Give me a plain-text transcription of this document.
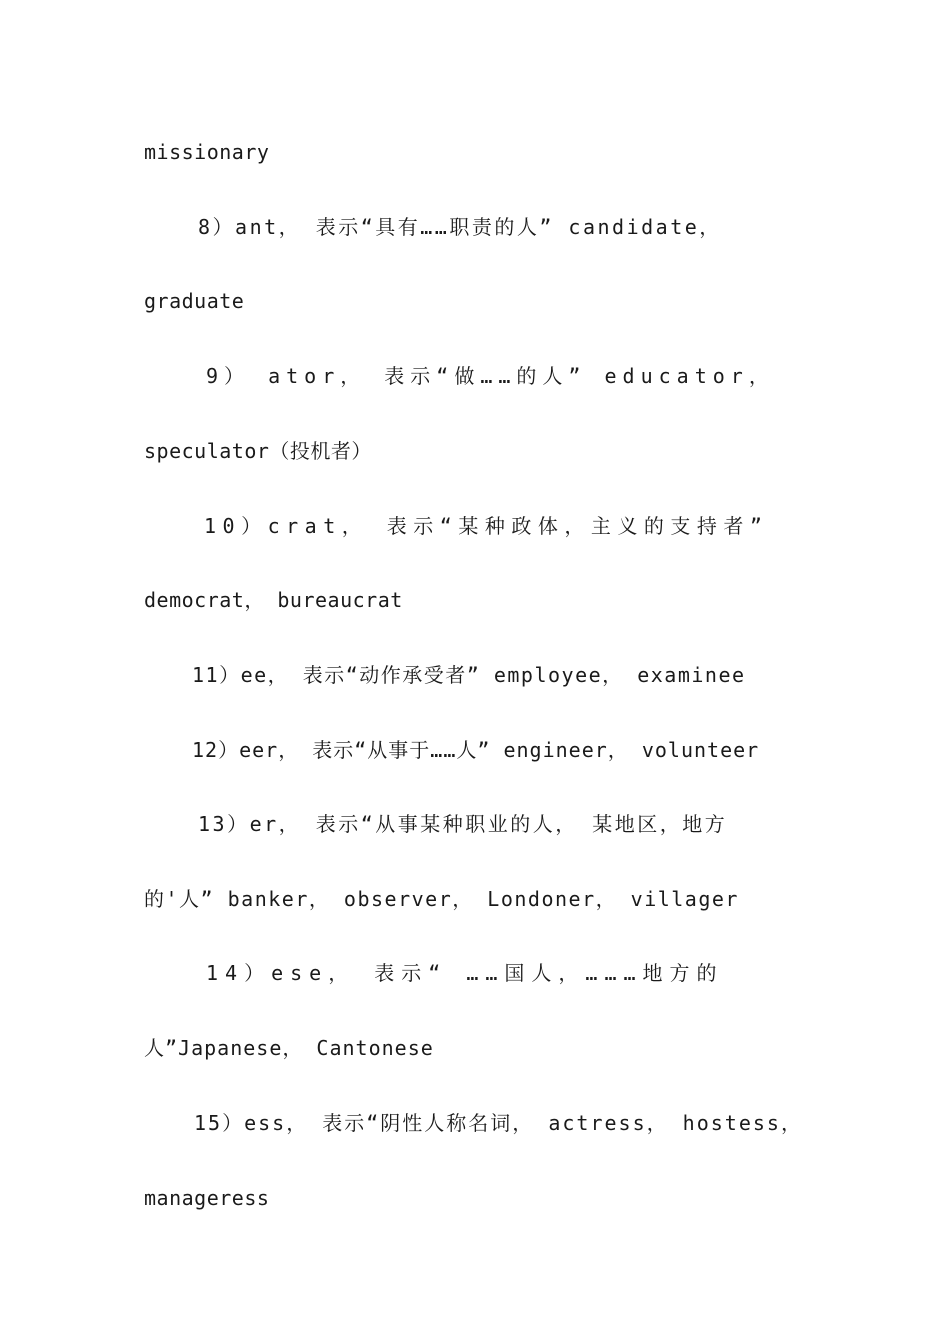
missionary
8）ant， 表示“具有……职责的人” candidate，
graduate
9） ator， 表示“做……的人” educator，
speculator（投机者）
10）crat， 表示“某种政体，主义的支持者”
democrat， bureaucrat
11）ee， 表示“动作承受者” employee， examinee
12）eer， 表示“从事于……人” engineer， volunteer
13）er， 表示“从事某种职业的人， 某地区，地方
的'人” banker， observer， Londoner， villager
14）ese， 表示“ ……国人，………地方的
人”Japanese， Cantonese
15）ess， 表示“阴性人称名词， actress， hostess，
manageress
